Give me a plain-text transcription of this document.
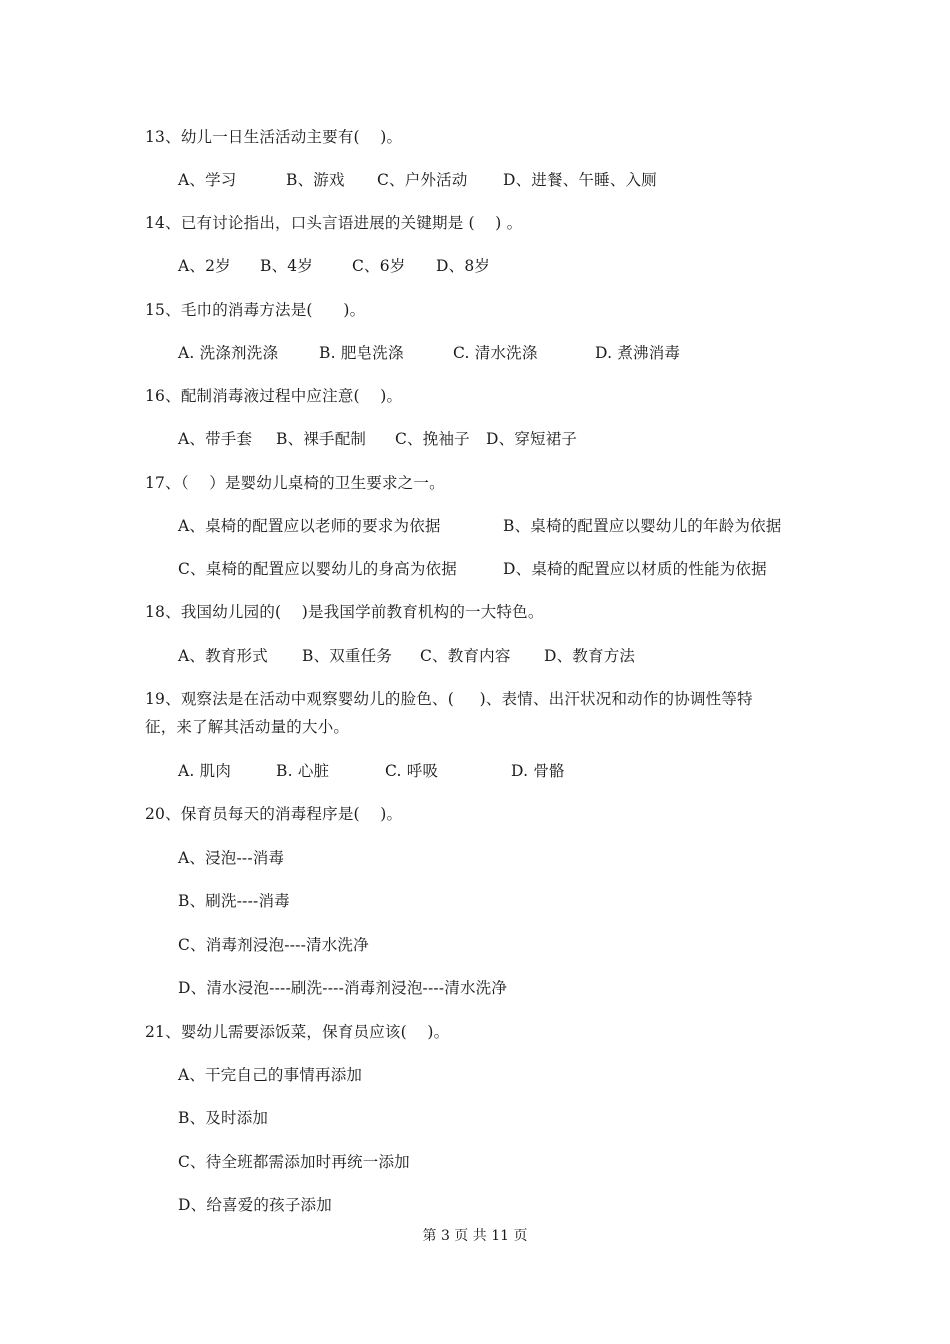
13、幼儿一日生活活动主要有(    )。
A、学习	B、游戏 C、户外活动 D、进餐、午睡、入厕
14、已有讨论指出，口头言语进展的关键期是 (    ) 。
A、2岁 B、4岁	C、6岁 D、8岁
15、毛巾的消毒方法是(      )。
A. 洗涤剂洗涤	B. 肥皂洗涤	C. 清水洗涤	D. 煮沸消毒
16、配制消毒液过程中应注意(    )。
A、带手套 B、裸手配制 C、挽袖子 D、穿短裙子
17、（    ）是婴幼儿桌椅的卫生要求之一。
A、桌椅的配置应以老师的要求为依据	B、桌椅的配置应以婴幼儿的年龄为依据
C、桌椅的配置应以婴幼儿的身高为依据	D、桌椅的配置应以材质的性能为依据
18、我国幼儿园的(    )是我国学前教育机构的一大特色。
A、教育形式 B、双重任务 C、教育内容 D、教育方法
19、观察法是在活动中观察婴幼儿的脸色、(     )、表情、出汗状况和动作的协调性等特
征，来了解其活动量的大小。
A. 肌肉	B. 心脏	C. 呼吸	D. 骨骼
20、保育员每天的消毒程序是(    )。
A、浸泡---消毒
B、刷洗----消毒
C、消毒剂浸泡----清水洗净
D、清水浸泡----刷洗----消毒剂浸泡----清水洗净
21、婴幼儿需要添饭菜，保育员应该(    )。
A、干完自己的事情再添加
B、及时添加
C、待全班都需添加时再统一添加
D、给喜爱的孩子添加
第 3 页 共 11 页
